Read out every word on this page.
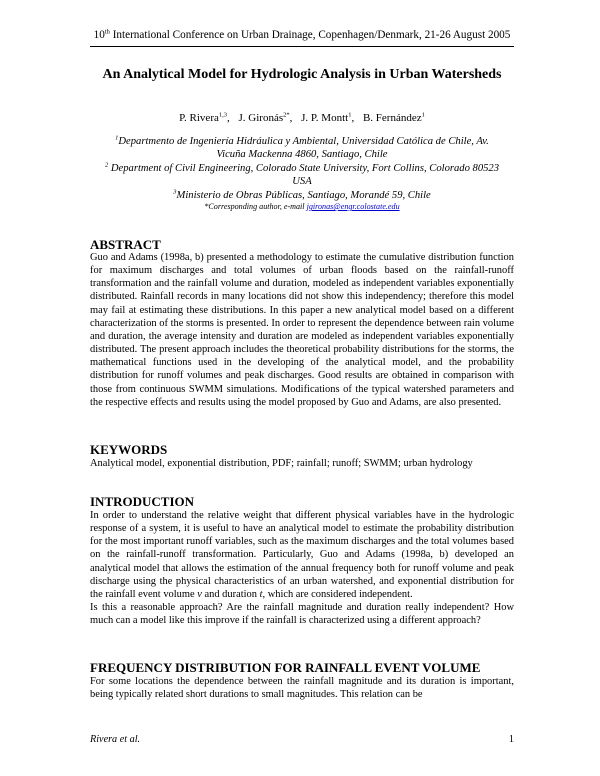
10th International Conference on Urban Drainage, Copenhagen/Denmark, 21-26 August 2005
An Analytical Model for Hydrologic Analysis in Urban Watersheds
P. Rivera$^{1,3}$, J. Gironás$^{2*}$, J. P. Montt$^1$, B. Fernández$^1$
$^1$Departmento de Ingeniería Hidráulica y Ambiental, Universidad Católica de Chile, Av.
Vicuña Mackenna 4860, Santiago, Chile
$^2$ Department of Civil Engineering, Colorado State University, Fort Collins, Colorado 80523
USA
$^3$Ministerio de Obras Públicas, Santiago, Morandé 59, Chile
*Corresponding author, e-mail jgironas@engr.colostate.edu
ABSTRACT

Guo and Adams (1998a, b) presented a methodology to estimate the cumulative distribution function for maximum discharges and total volumes of urban floods based on the rainfall-runoff transformation and the rainfall volume and duration, modeled as independent variables exponentially distributed. Rainfall records in many locations did not show this independency; therefore this model may fail at estimating these distributions. In this paper a new analytical model based on a different characterization of the storms is presented. In order to represent the dependence between rain volume and duration, the average intensity and duration are modeled as independent variables exponentially distributed. The present approach includes the theoretical probability distributions for the storms, the mathematical functions used in the developing of the analytical model, and the probability distribution for runoff volumes and peak discharges. Good results are obtained in comparison with those from continuous SWMM simulations. Modifications of the typical watershed parameters and the respective effects and results using the model proposed by Guo and Adams, are also presented.

KEYWORDS

Analytical model, exponential distribution, PDF; rainfall; runoff; SWMM; urban hydrology

INTRODUCTION

In order to understand the relative weight that different physical variables have in the hydrologic response of a system, it is useful to have an analytical model to estimate the probability distribution for the most important runoff variables, such as the maximum discharges and the total volumes based on the rainfall-runoff transformation. Particularly, Guo and Adams (1998a, b) developed an analytical model that allows the estimation of the annual frequency both for runoff volume and peak discharge using the physical characteristics of an urban watershed, and exponential distribution for the rainfall event volume v and duration t, which are considered independent.

Is this a reasonable approach? Are the rainfall magnitude and duration really independent? How much can a model like this improve if the rainfall is characterized using a different approach?

FREQUENCY DISTRIBUTION FOR RAINFALL EVENT VOLUME

For some locations the dependence between the rainfall magnitude and its duration is important, being typically related short durations to small magnitudes. This relation can be

Rivera et al.	1
